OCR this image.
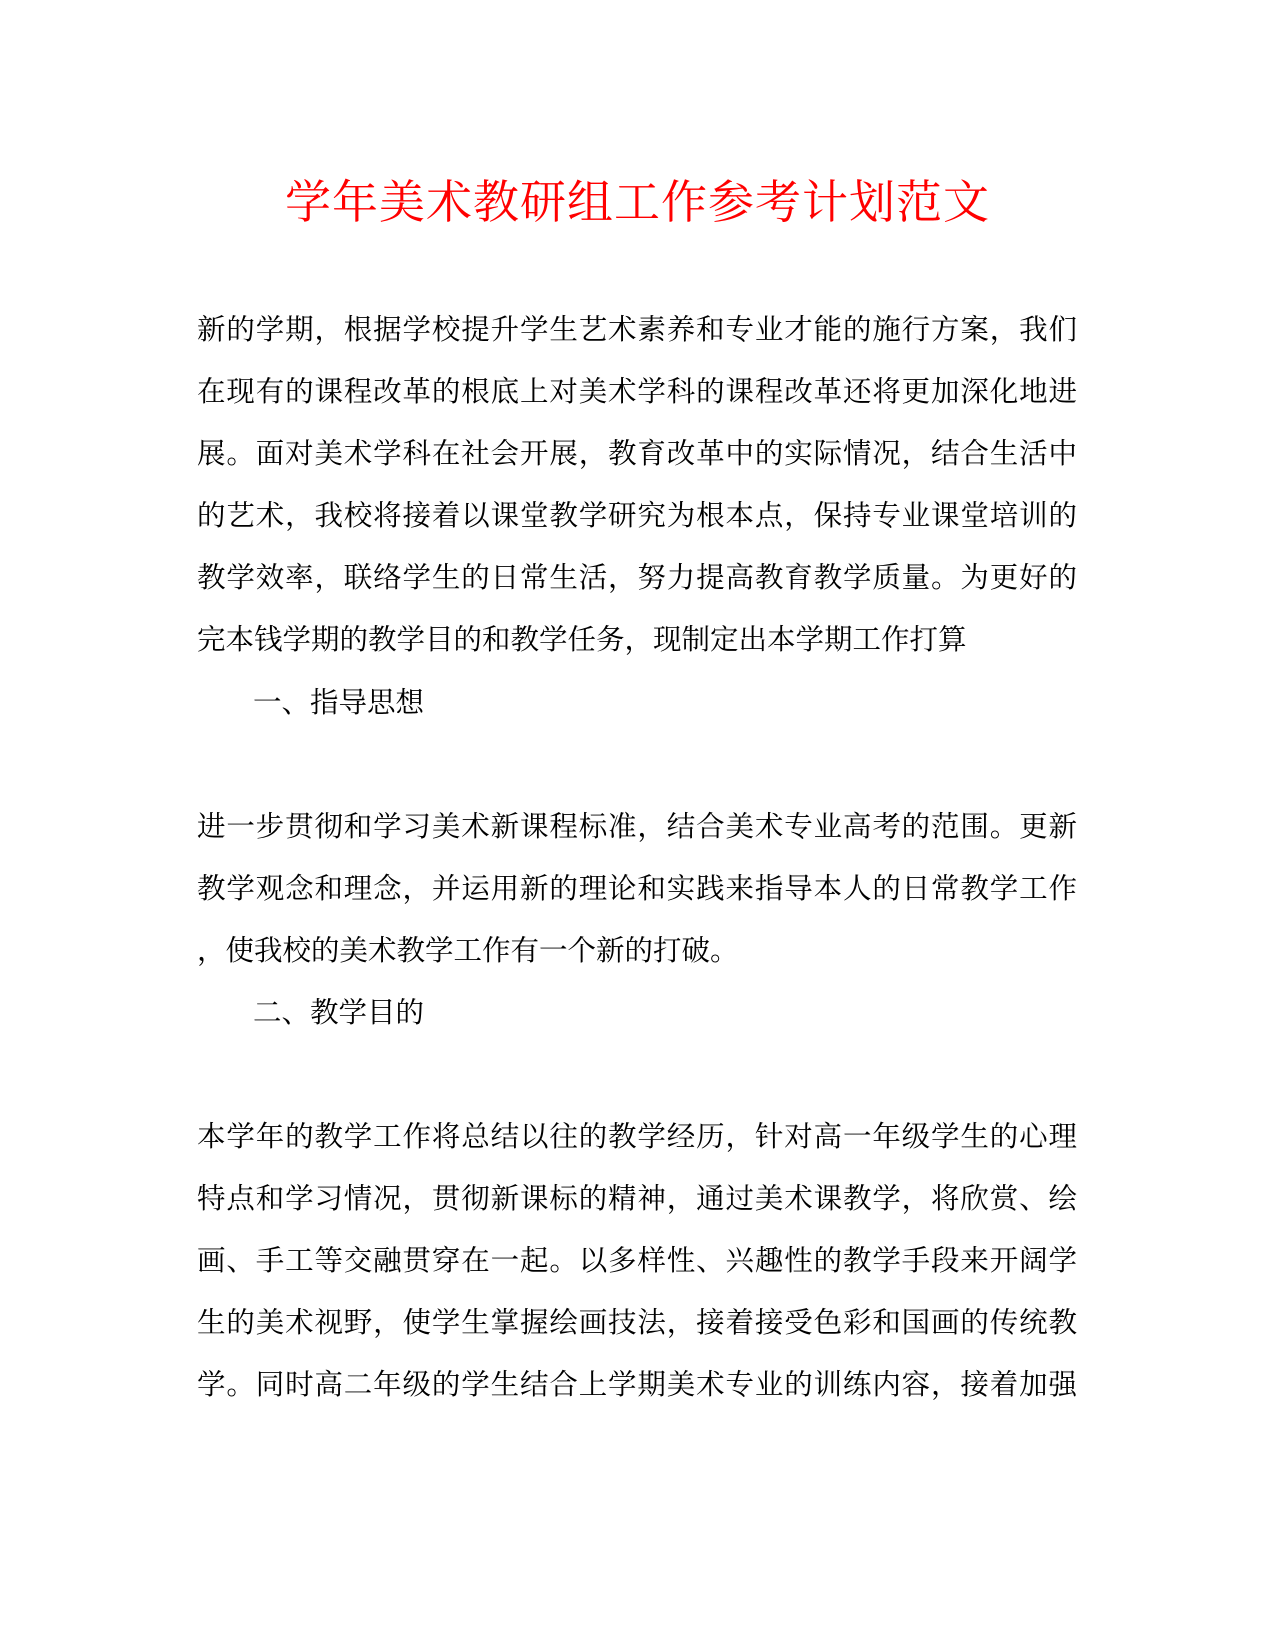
学年美术教研组工作参考计划范文
新的学期，根据学校提升学生艺术素养和专业才能的施行方案，我们
在现有的课程改革的根底上对美术学科的课程改革还将更加深化地进
展。面对美术学科在社会开展，教育改革中的实际情况，结合生活中
的艺术，我校将接着以课堂教学研究为根本点，保持专业课堂培训的
教学效率，联络学生的日常生活，努力提高教育教学质量。为更好的
完本钱学期的教学目的和教学任务，现制定出本学期工作打算
一、指导思想
进一步贯彻和学习美术新课程标准，结合美术专业高考的范围。更新
教学观念和理念，并运用新的理论和实践来指导本人的日常教学工作
，使我校的美术教学工作有一个新的打破。
二、教学目的
本学年的教学工作将总结以往的教学经历，针对高一年级学生的心理
特点和学习情况，贯彻新课标的精神，通过美术课教学，将欣赏、绘
画、手工等交融贯穿在一起。以多样性、兴趣性的教学手段来开阔学
生的美术视野，使学生掌握绘画技法，接着接受色彩和国画的传统教
学。同时高二年级的学生结合上学期美术专业的训练内容，接着加强
